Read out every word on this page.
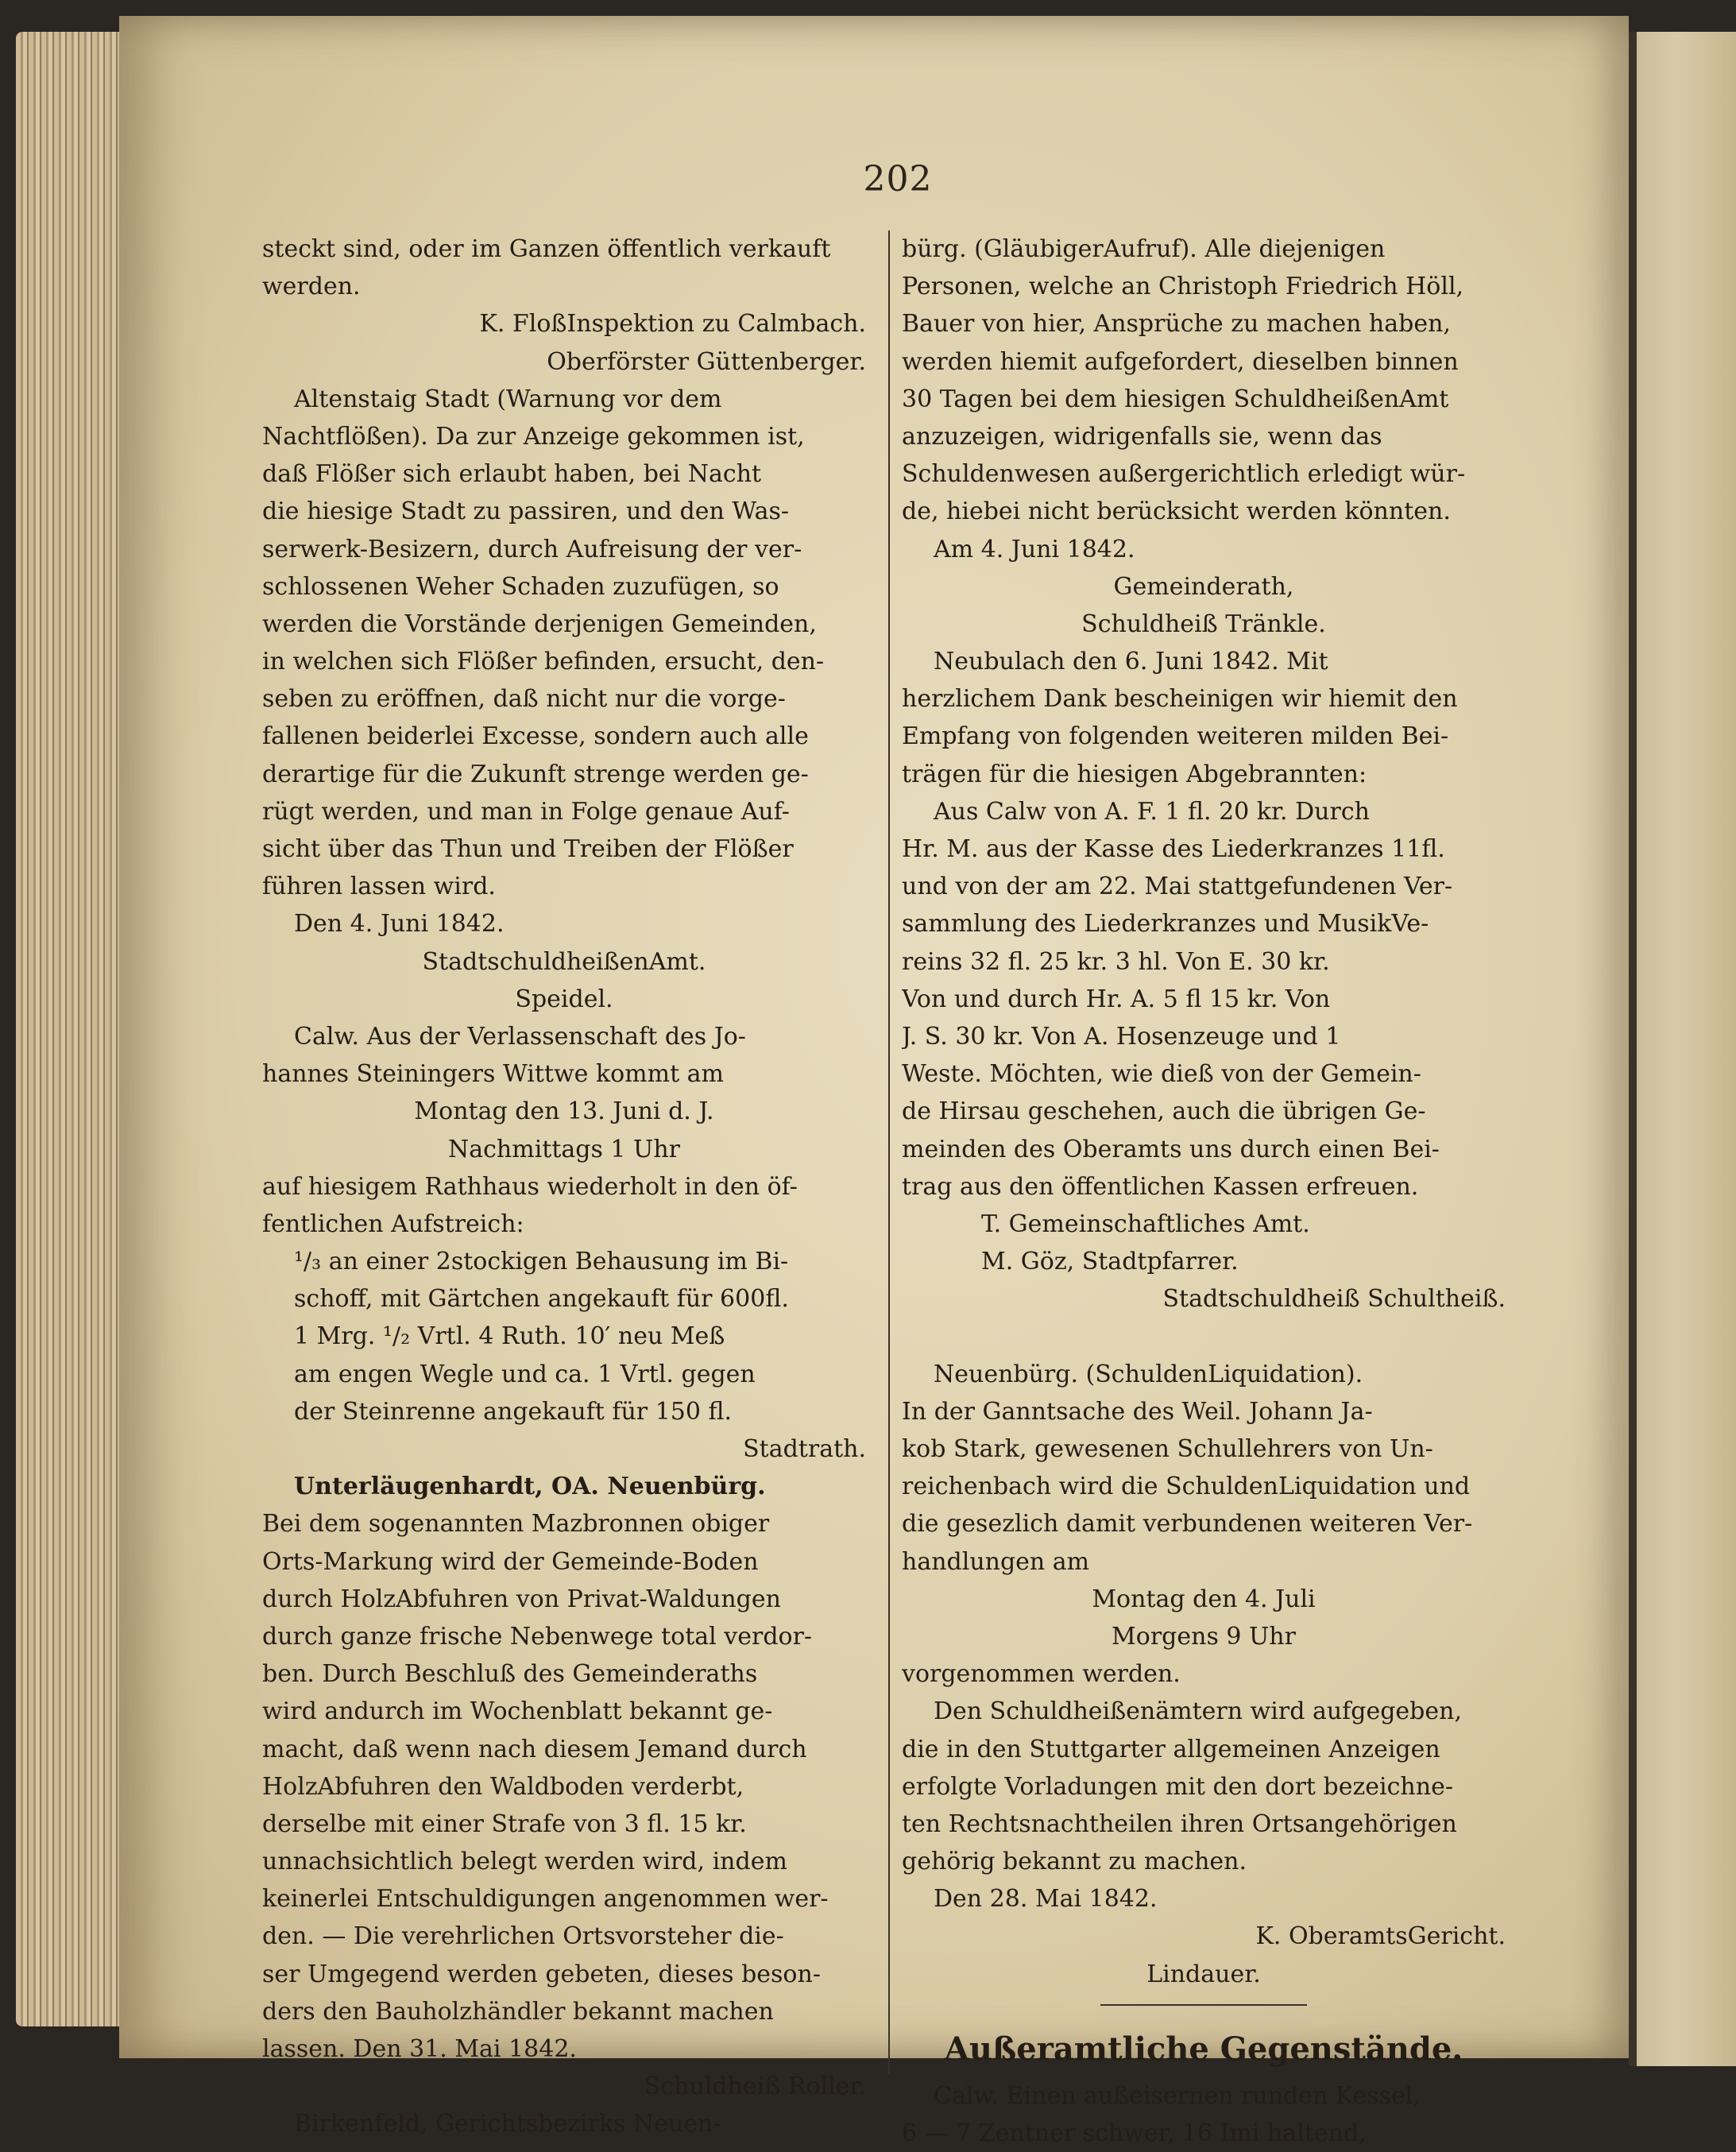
202
steckt sind, oder im Ganzen öffentlich verkauft
werden.
K. FloßInspektion zu Calmbach.
Oberförster Güttenberger.
Altenstaig Stadt (Warnung vor dem
Nachtflößen). Da zur Anzeige gekommen ist,
daß Flößer sich erlaubt haben, bei Nacht
die hiesige Stadt zu passiren, und den Was-
serwerk-Besizern, durch Aufreisung der ver-
schlossenen Weher Schaden zuzufügen, so
werden die Vorstände derjenigen Gemeinden,
in welchen sich Flößer befinden, ersucht, den-
seben zu eröffnen, daß nicht nur die vorge-
fallenen beiderlei Excesse, sondern auch alle
derartige für die Zukunft strenge werden ge-
rügt werden, und man in Folge genaue Auf-
sicht über das Thun und Treiben der Flößer
führen lassen wird.
Den 4. Juni 1842.
StadtschuldheißenAmt.
Speidel.
Calw. Aus der Verlassenschaft des Jo-
hannes Steiningers Wittwe kommt am
Montag den 13. Juni d. J.
Nachmittags 1 Uhr
auf hiesigem Rathhaus wiederholt in den öf-
fentlichen Aufstreich:
¹/₃ an einer 2stockigen Behausung im Bi-
schoff, mit Gärtchen angekauft für 600fl.
1 Mrg. ¹/₂ Vrtl. 4 Ruth. 10′ neu Meß
am engen Wegle und ca. 1 Vrtl. gegen
der Steinrenne angekauft für 150 fl.
Stadtrath.
Unterläugenhardt, OA. Neuenbürg.
Bei dem sogenannten Mazbronnen obiger
Orts-Markung wird der Gemeinde-Boden
durch HolzAbfuhren von Privat-Waldungen
durch ganze frische Nebenwege total verdor-
ben. Durch Beschluß des Gemeinderaths
wird andurch im Wochenblatt bekannt ge-
macht, daß wenn nach diesem Jemand durch
HolzAbfuhren den Waldboden verderbt,
derselbe mit einer Strafe von 3 fl. 15 kr.
unnachsichtlich belegt werden wird, indem
keinerlei Entschuldigungen angenommen wer-
den. — Die verehrlichen Ortsvorsteher die-
ser Umgegend werden gebeten, dieses beson-
ders den Bauholzhändler bekannt machen
lassen. Den 31. Mai 1842.
Schuldheiß Roller.
Birkenfeld, Gerichtsbezirks Neuen-
bürg. (GläubigerAufruf). Alle diejenigen
Personen, welche an Christoph Friedrich Höll,
Bauer von hier, Ansprüche zu machen haben,
werden hiemit aufgefordert, dieselben binnen
30 Tagen bei dem hiesigen SchuldheißenAmt
anzuzeigen, widrigenfalls sie, wenn das
Schuldenwesen außergerichtlich erledigt wür-
de, hiebei nicht berücksicht werden könnten.
Am 4. Juni 1842.
Gemeinderath,
Schuldheiß Tränkle.
Neubulach den 6. Juni 1842. Mit
herzlichem Dank bescheinigen wir hiemit den
Empfang von folgenden weiteren milden Bei-
trägen für die hiesigen Abgebrannten:
Aus Calw von A. F. 1 fl. 20 kr. Durch
Hr. M. aus der Kasse des Liederkranzes 11fl.
und von der am 22. Mai stattgefundenen Ver-
sammlung des Liederkranzes und MusikVe-
reins 32 fl. 25 kr. 3 hl. Von E. 30 kr.
Von und durch Hr. A. 5 fl 15 kr. Von
J. S. 30 kr. Von A. Hosenzeuge und 1
Weste. Möchten, wie dieß von der Gemein-
de Hirsau geschehen, auch die übrigen Ge-
meinden des Oberamts uns durch einen Bei-
trag aus den öffentlichen Kassen erfreuen.
T. Gemeinschaftliches Amt.
M. Göz, Stadtpfarrer.
Stadtschuldheiß Schultheiß.
Neuenbürg. (SchuldenLiquidation).
In der Ganntsache des Weil. Johann Ja-
kob Stark, gewesenen Schullehrers von Un-
reichenbach wird die SchuldenLiquidation und
die gesezlich damit verbundenen weiteren Ver-
handlungen am
Montag den 4. Juli
Morgens 9 Uhr
vorgenommen werden.
Den Schuldheißenämtern wird aufgegeben,
die in den Stuttgarter allgemeinen Anzeigen
erfolgte Vorladungen mit den dort bezeichne-
ten Rechtsnachtheilen ihren Ortsangehörigen
gehörig bekannt zu machen.
Den 28. Mai 1842.
K. OberamtsGericht.
Lindauer.
Außeramtliche Gegenstände.
Calw. Einen außeisernen runden Kessel,
6 — 7 Zentner schwer, 16 Imi haltend,
